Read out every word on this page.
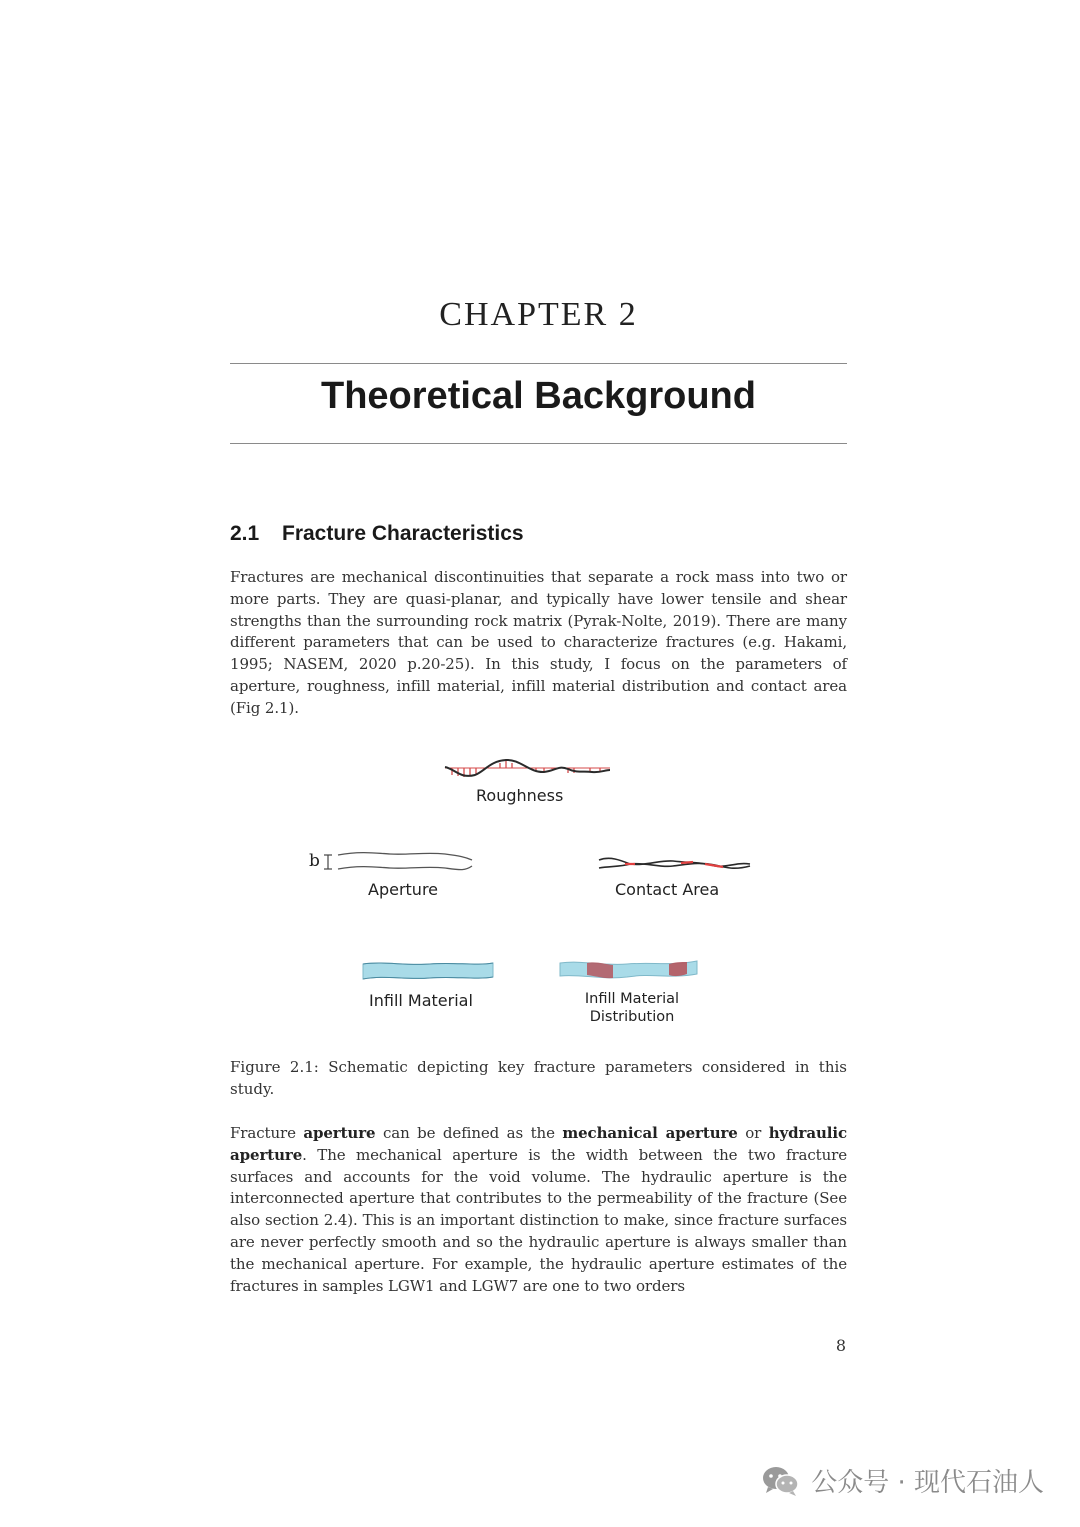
CHAPTER 2
Theoretical Background
2.1 Fracture Characteristics
Fractures are mechanical discontinuities that separate a rock mass into two or more parts. They are quasi-planar, and typically have lower tensile and shear strengths than the surrounding rock matrix (Pyrak-Nolte, 2019). There are many different parameters that can be used to characterize fractures (e.g. Hakami, 1995; NASEM, 2020 p.20-25). In this study, I focus on the parameters of aperture, roughness, infill material, infill material distribution and contact area (Fig 2.1).
Roughness
b
Aperture	Contact Area
Infill Material	Infill Material
Distribution
Figure 2.1: Schematic depicting key fracture parameters considered in this study.
Fracture aperture can be defined as the mechanical aperture or hydraulic aperture. The mechanical aperture is the width between the two fracture surfaces and accounts for the void volume. The hydraulic aperture is the interconnected aperture that contributes to the permeability of the fracture (See also section 2.4). This is an important distinction to make, since fracture surfaces are never perfectly smooth and so the hydraulic aperture is always smaller than the mechanical aperture. For example, the hydraulic aperture estimates of the fractures in samples LGW1 and LGW7 are one to two orders
8
公众号 · 现代石油人
